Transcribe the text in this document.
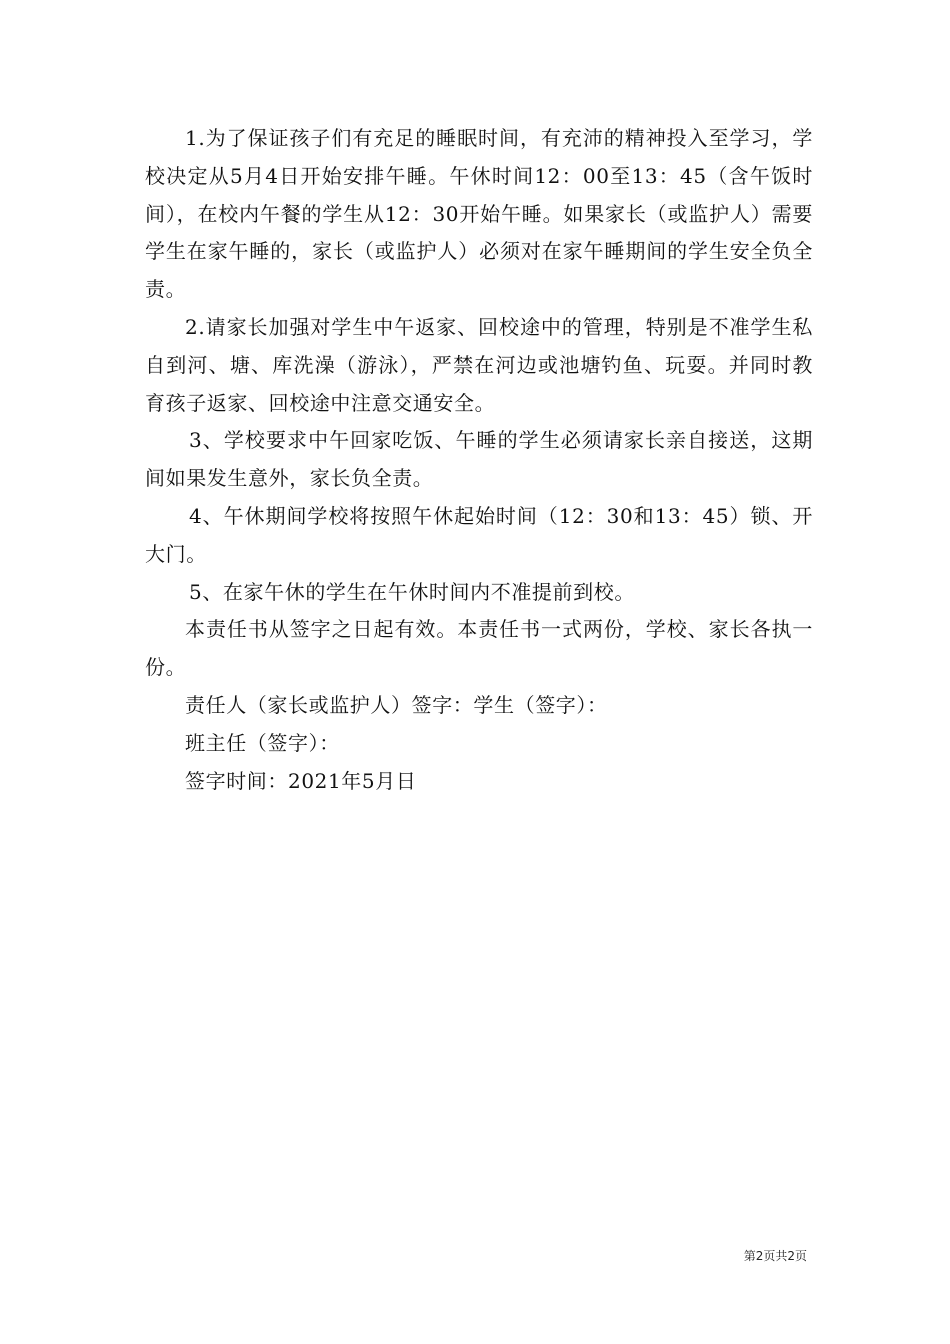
1.为了保证孩子们有充足的睡眠时间，有充沛的精神投入至学习，学校决定从5月4日开始安排午睡。午休时间12：00至13：45（含午饭时间），在校内午餐的学生从12：30开始午睡。如果家长（或监护人）需要学生在家午睡的，家长（或监护人）必须对在家午睡期间的学生安全负全责。

2.请家长加强对学生中午返家、回校途中的管理，特别是不准学生私自到河、塘、库洗澡（游泳），严禁在河边或池塘钓鱼、玩耍。并同时教育孩子返家、回校途中注意交通安全。

3、学校要求中午回家吃饭、午睡的学生必须请家长亲自接送，这期间如果发生意外，家长负全责。

4、午休期间学校将按照午休起始时间（12：30和13：45）锁、开大门。

5、在家午休的学生在午休时间内不准提前到校。

本责任书从签字之日起有效。本责任书一式两份，学校、家长各执一份。

责任人（家长或监护人）签字：学生（签字）：

班主任（签字）：

签字时间：2021年5月日

第2页共2页
